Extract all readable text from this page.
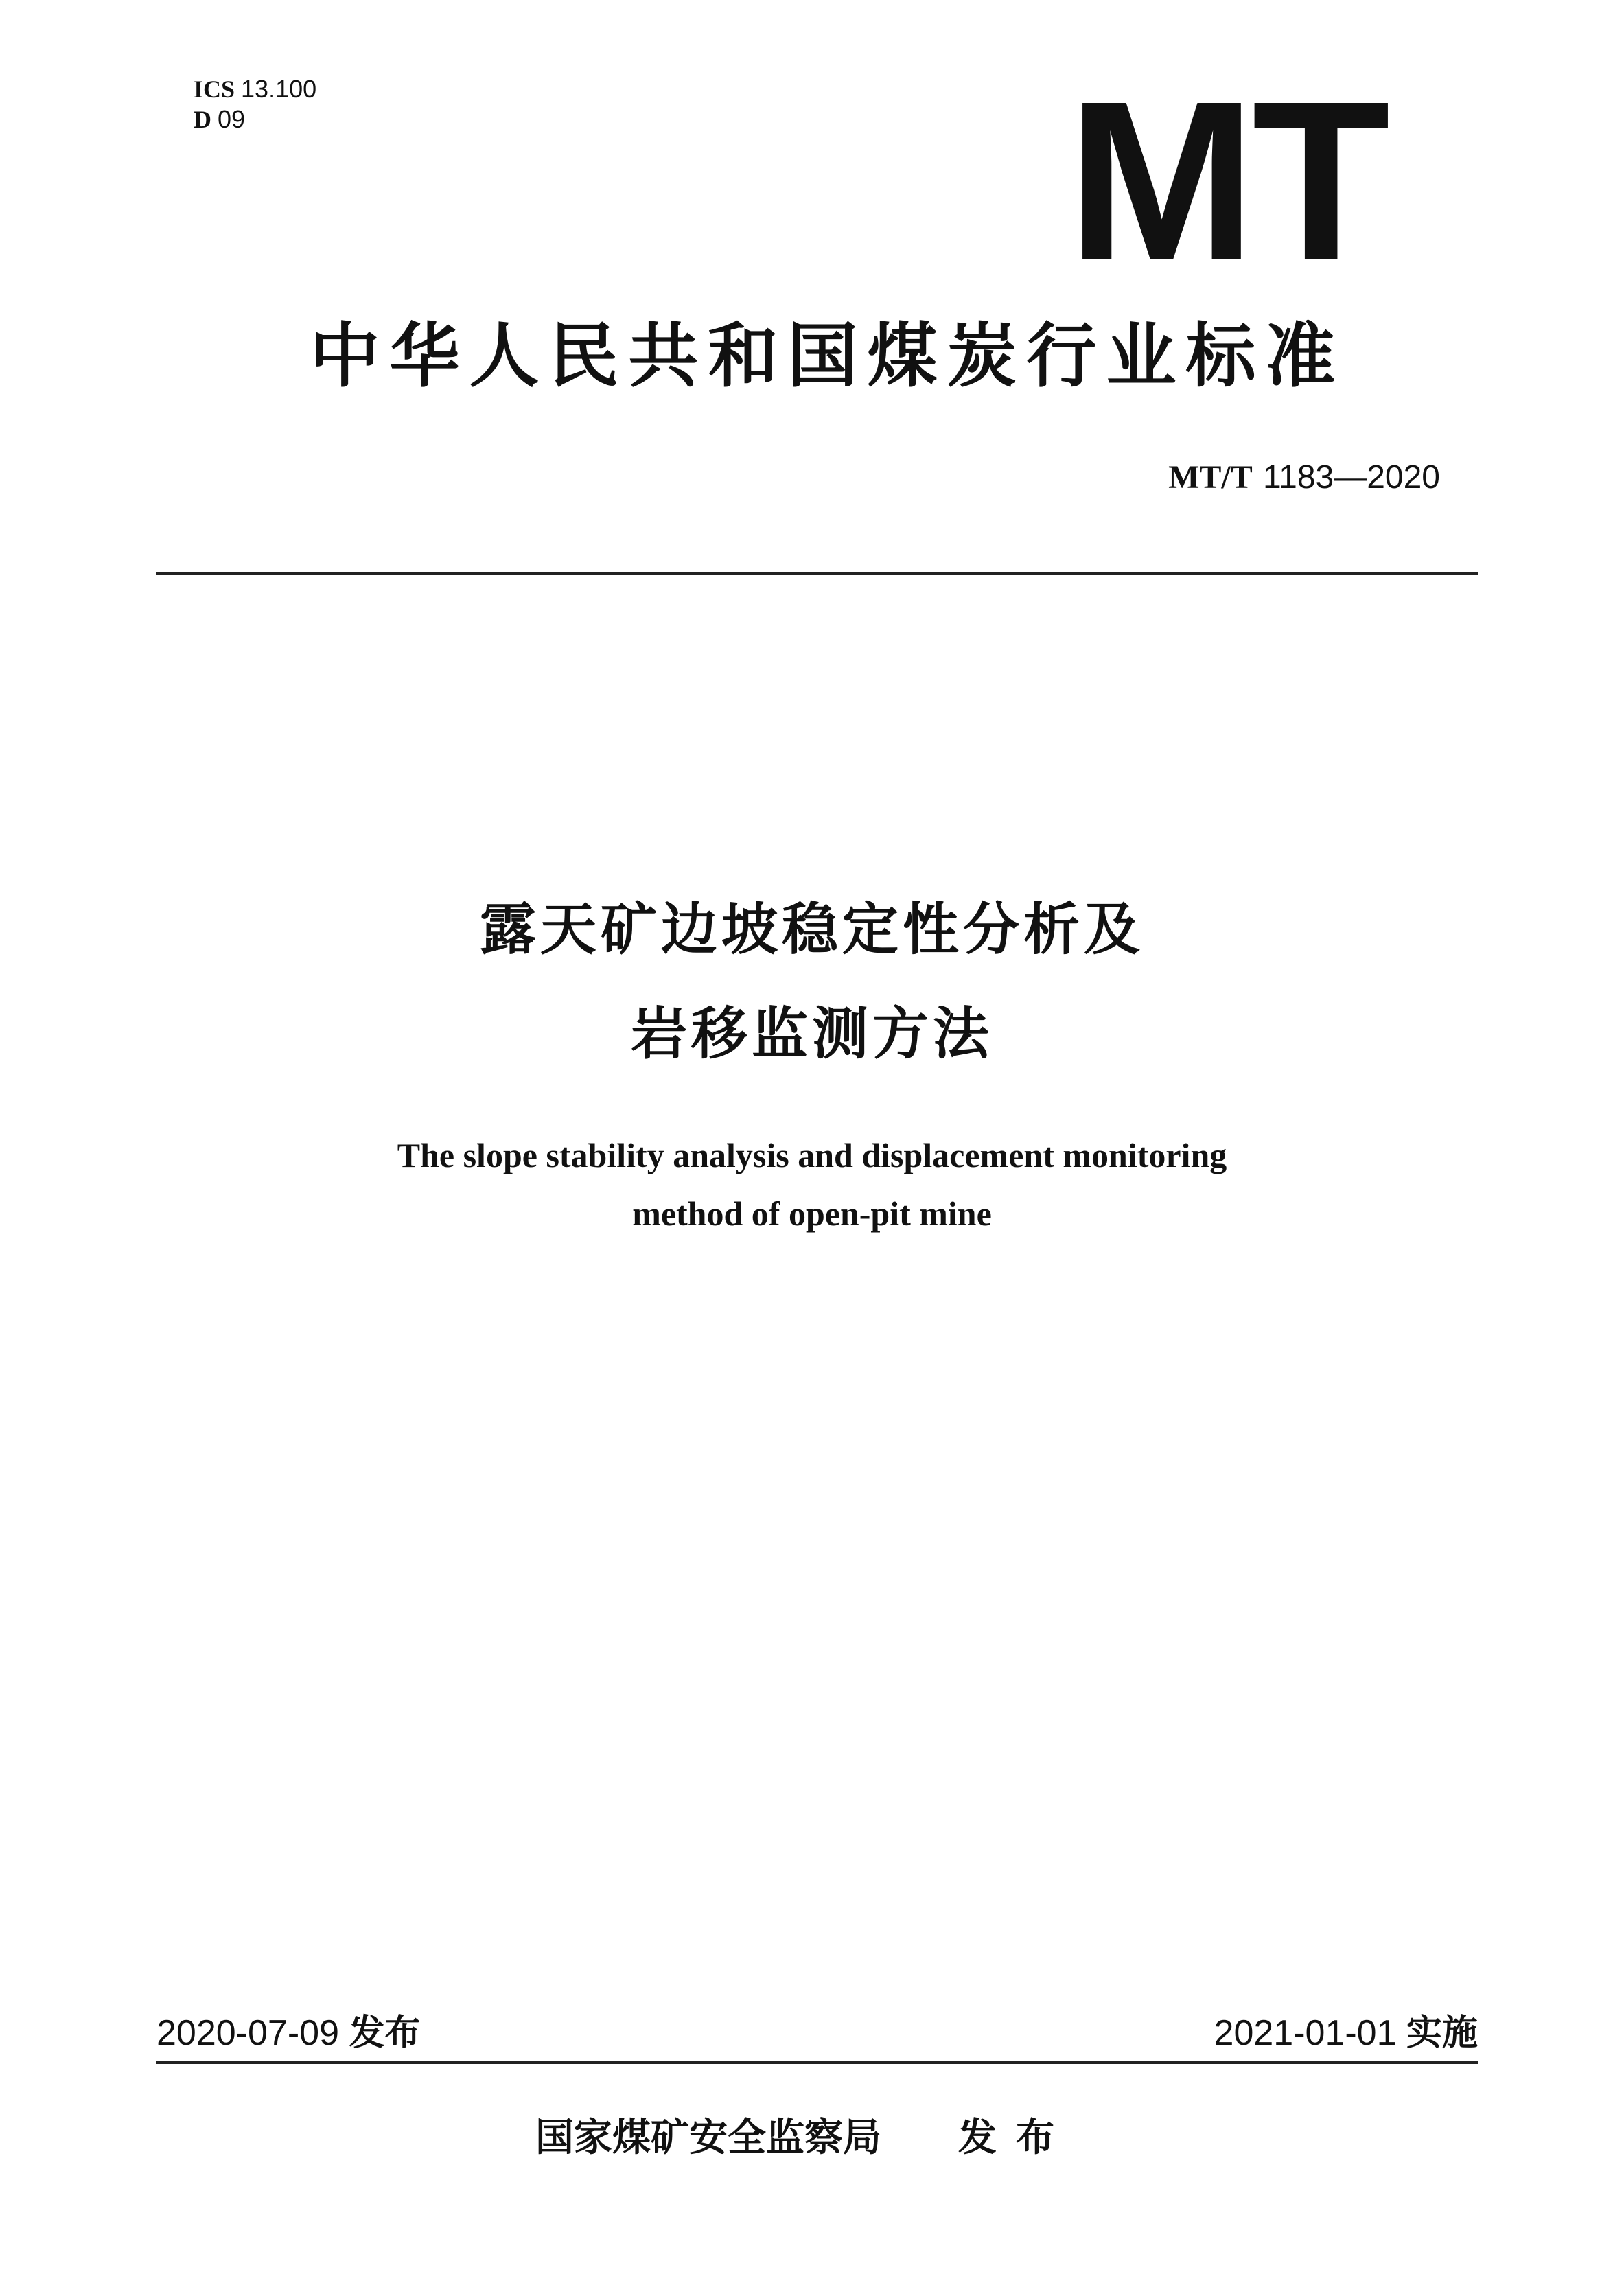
ICS 13.100
D 09	MT
中华人民共和国煤炭行业标准
MT/T 1183—2020
露天矿边坡稳定性分析及
岩移监测方法
The slope stability analysis and displacement monitoring
method of open-pit mine
2020-07-09 发布	2021-01-01 实施
国家煤矿安全监察局 发布
